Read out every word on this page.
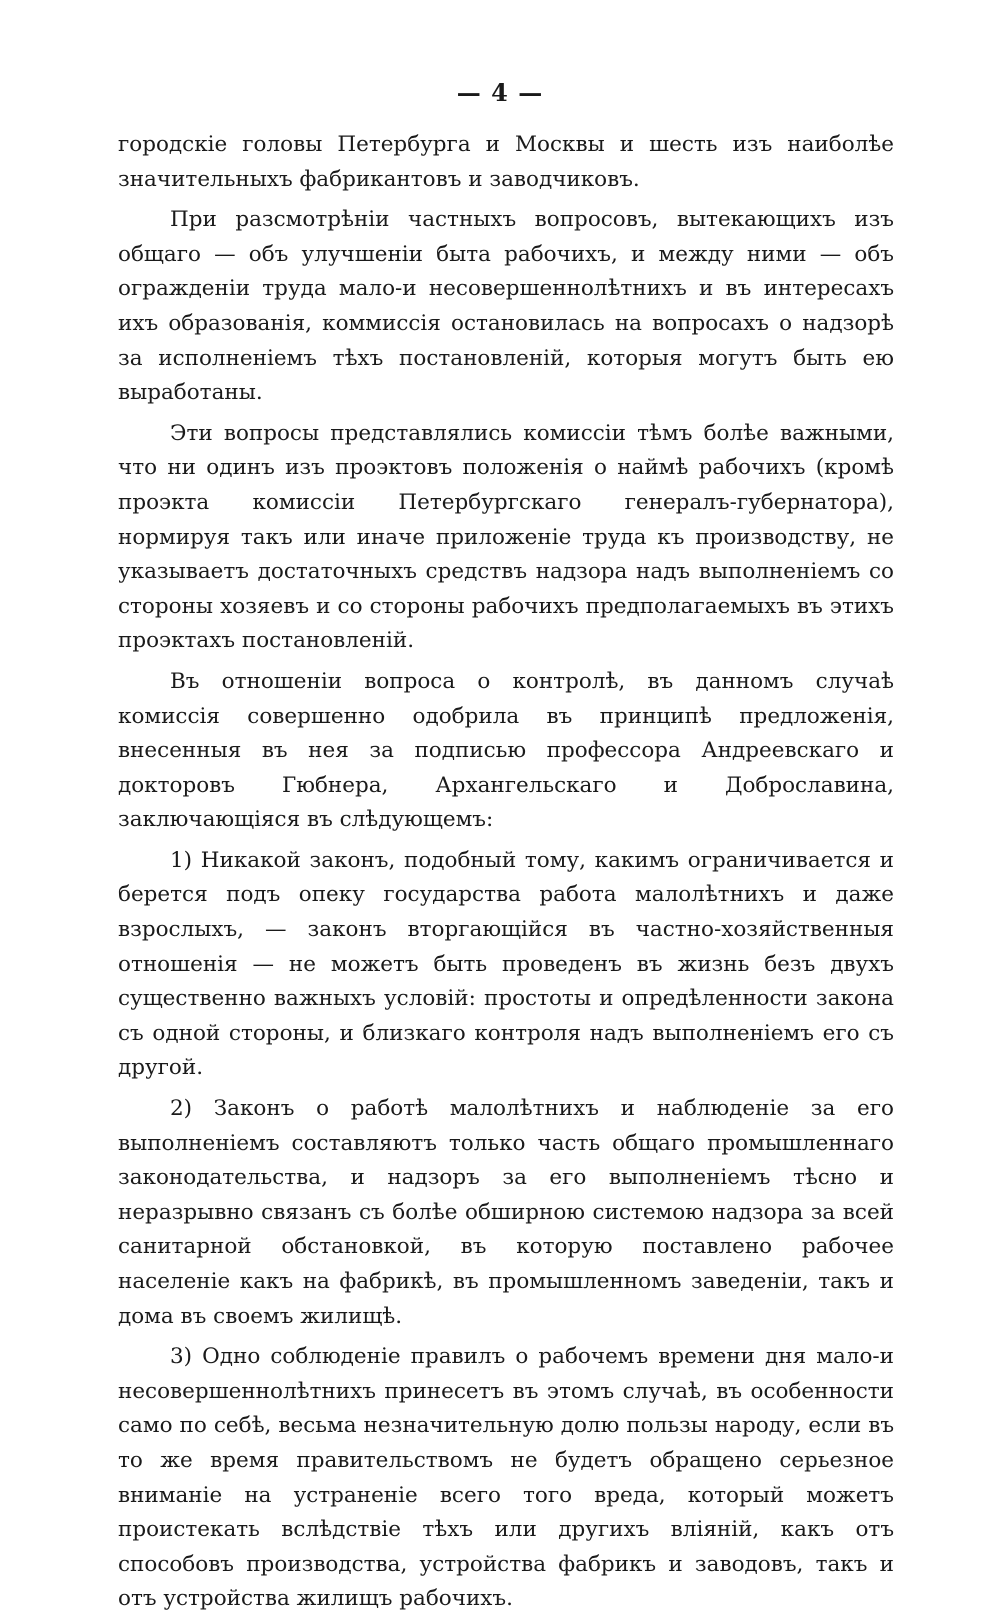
— 4 —

городскіе головы Петербурга и Москвы и шесть изъ наиболѣе значительныхъ фабрикантовъ и заводчиковъ.

При разсмотрѣніи частныхъ вопросовъ, вытекающихъ изъ общаго — объ улучшеніи быта рабочихъ, и между ними — объ огражденіи труда мало-и несовершеннолѣтнихъ и въ интересахъ ихъ образованія, коммиссія остановилась на вопросахъ о надзорѣ за исполненіемъ тѣхъ постановленій, которыя могутъ быть ею выработаны.

Эти вопросы представлялись комиссіи тѣмъ болѣе важными, что ни одинъ изъ проэктовъ положенія о наймѣ рабочихъ (кромѣ проэкта комиссіи Петербургскаго генералъ-губернатора), нормируя такъ или иначе приложеніе труда къ производству, не указываетъ достаточныхъ средствъ надзора надъ выполненіемъ со стороны хозяевъ и со стороны рабочихъ предполагаемыхъ въ этихъ проэктахъ постановленій.

Въ отношеніи вопроса о контролѣ, въ данномъ случаѣ комиссія совершенно одобрила въ принципѣ предложенія, внесенныя въ нея за подписью профессора Андреевскаго и докторовъ Гюбнера, Архангельскаго и Доброславина, заключающіяся въ слѣдующемъ:

1) Никакой законъ, подобный тому, какимъ ограничивается и берется подъ опеку государства работа малолѣтнихъ и даже взрослыхъ, — законъ вторгающійся въ частно-хозяйственныя отношенія — не можетъ быть проведенъ въ жизнь безъ двухъ существенно важныхъ условій: простоты и опредѣленности закона съ одной стороны, и близкаго контроля надъ выполненіемъ его съ другой.

2) Законъ о работѣ малолѣтнихъ и наблюденіе за его выполненіемъ составляютъ только часть общаго промышленнаго законодательства, и надзоръ за его выполненіемъ тѣсно и неразрывно связанъ съ болѣе обширною системою надзора за всей санитарной обстановкой, въ которую поставлено рабочее населеніе какъ на фабрикѣ, въ промышленномъ заведеніи, такъ и дома въ своемъ жилищѣ.

3) Одно соблюденіе правилъ о рабочемъ времени дня мало-и несовершеннолѣтнихъ принесетъ въ этомъ случаѣ, въ особенности само по себѣ, весьма незначительную долю пользы народу, если въ то же время правительствомъ не будетъ обращено серьезное вниманіе на устраненіе всего того вреда, который можетъ проистекать вслѣдствіе тѣхъ или другихъ вліяній, какъ отъ способовъ производства, устройства фабрикъ и заводовъ, такъ и отъ устройства жилищъ рабочихъ.
